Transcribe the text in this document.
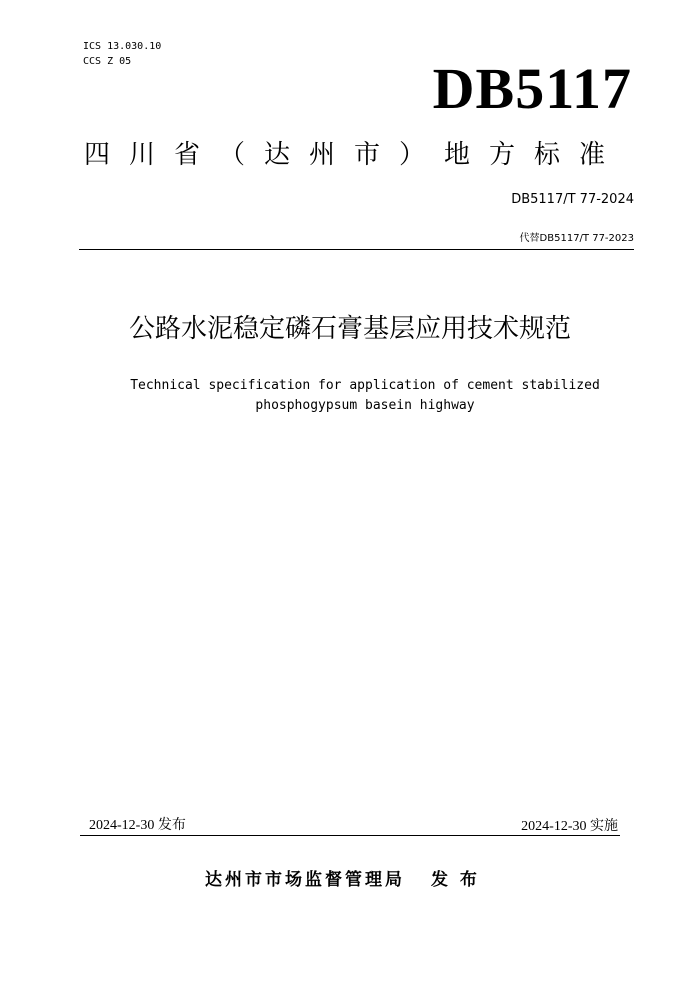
ICS 13.030.10
CCS Z 05	DB5117
四川省（达州市）地方标准
DB5117/T 77-2024
代替DB5117/T 77-2023
公路水泥稳定磷石膏基层应用技术规范
Technical specification for application of cement stabilized
phosphogypsum basein highway
2024-12-30 发布	2024-12-30 实施
达州市市场监督管理局 发 布
